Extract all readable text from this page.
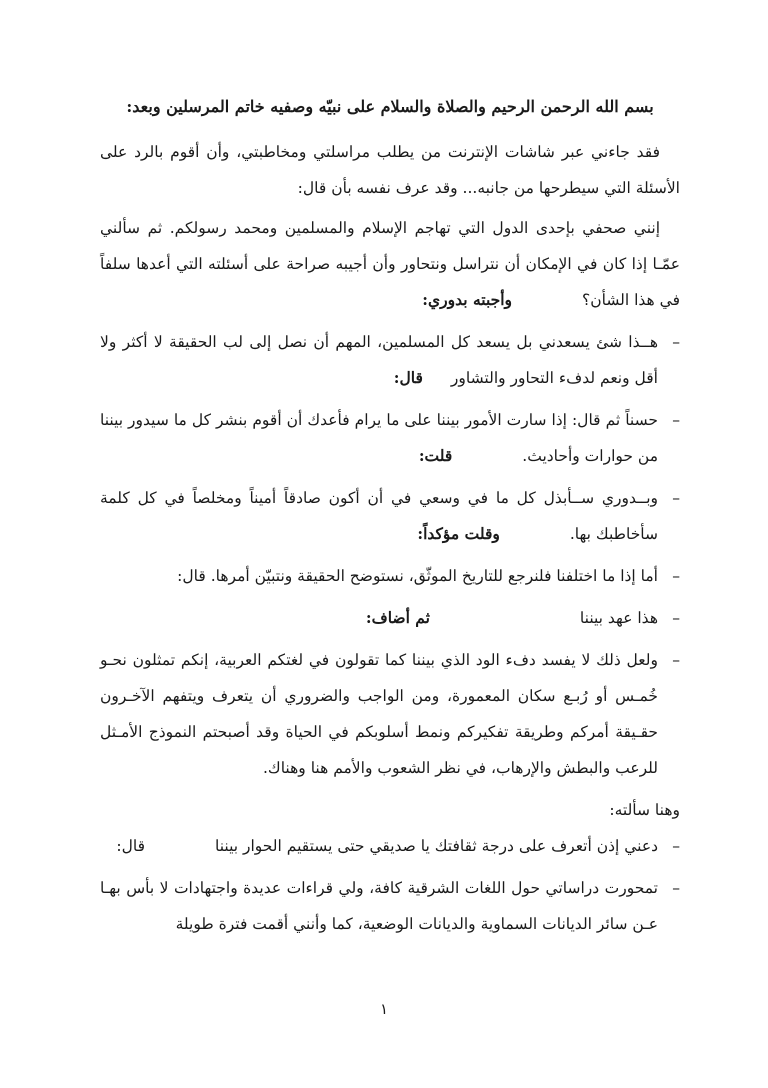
بسم الله الرحمن الرحيم والصلاة والسلام على نبيّه وصفيه خاتم المرسلين وبعد:

فقد جاءني عبر شاشات الإنترنت من يطلب مراسلتي ومخاطبتي، وأن أقوم بالرد على الأسئلة التي سيطرحها من جانبه... وقد عرف نفسه بأن قال:

إنني صحفي بإحدى الدول التي تهاجم الإسلام والمسلمين ومحمد رسولكم. ثم سألني عمّـا إذا كان في الإمكان أن نتراسل ونتحاور وأن أجيبه صراحة على أسئلته التي أعدها سلفاً في هذا الشأن؟وأجبته بدوري:

–
هــذا شئ يسعدني بل يسعد كل المسلمين، المهم أن نصل إلى لب الحقيقة لا أكثر ولا أقل ونعم لدفء التحاور والتشاورقال:
–
حسناً ثم قال: إذا سارت الأمور بيننا على ما يرام فأعدك أن أقوم بنشر كل ما سيدور بيننا من حوارات وأحاديث.قلت:
–
وبــدوري ســأبذل كل ما في وسعي في أن أكون صادقاً أميناً ومخلصاً في كل كلمة سأخاطبك بها.وقلت مؤكداً:
–
أما إذا ما اختلفنا فلنرجع للتاريخ الموثّق، نستوضح الحقيقة ونتبيّن أمرها. قال:
–
هذا عهد بينناثم أضاف:
–
ولعل ذلك لا يفسد دفء الود الذي بيننا كما تقولون في لغتكم العربية، إنكم تمثلون نحـو خُمـس أو رُبـع سكان المعمورة، ومن الواجب والضروري أن يتعرف ويتفهم الآخـرون حقـيقة أمركم وطريقة تفكيركم ونمط أسلوبكم في الحياة وقد أصبحتم النموذج الأمـثل للرعب والبطش والإرهاب، في نظر الشعوب والأمم هنا وهناك.

وهنا سألته:

–
دعني إذن أتعرف على درجة ثقافتك يا صديقي حتى يستقيم الحوار بينناقال:
–
تمحورت دراساتي حول اللغات الشرقية كافة، ولي قراءات عديدة واجتهادات لا بأس بهـا عـن سائر الديانات السماوية والديانات الوضعية، كما وأنني أقمت فترة طويلة
١
